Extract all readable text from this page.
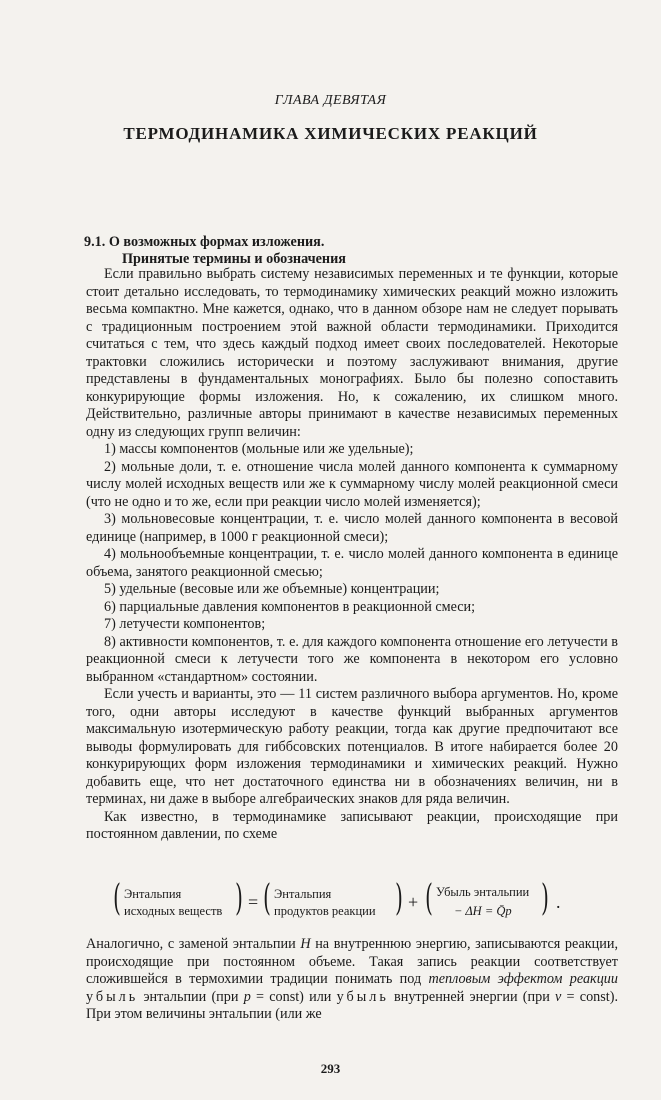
ГЛАВА ДЕВЯТАЯ
ТЕРМОДИНАМИКА ХИМИЧЕСКИХ РЕАКЦИЙ
9.1. О возможных формах изложения.
Принятые термины и обозначения

Если правильно выбрать систему независимых переменных и те функции, которые стоит детально исследовать, то термодинамику химических реакций можно изложить весьма компактно. Мне кажется, однако, что в данном обзоре нам не следует порывать с традиционным построением этой важной области термодинамики. Приходится считаться с тем, что здесь каждый подход имеет своих последователей. Некоторые трактовки сложились исторически и поэтому заслуживают внимания, другие представлены в фундаментальных монографиях. Было бы полезно сопоставить конкурирующие формы изложения. Но, к сожалению, их слишком много. Действительно, различные авторы принимают в качестве независимых переменных одну из следующих групп величин:

1) массы компонентов (мольные или же удельные);

2) мольные доли, т. е. отношение числа молей данного компонента к суммарному числу молей исходных веществ или же к суммарному числу молей реакционной смеси (что не одно и то же, если при реакции число молей изменяется);

3) мольновесовые концентрации, т. е. число молей данного компонента в весовой единице (например, в 1000 г реакционной смеси);

4) мольнообъемные концентрации, т. е. число молей данного компонента в единице объема, занятого реакционной смесью;

5) удельные (весовые или же объемные) концентрации;

6) парциальные давления компонентов в реакционной смеси;

7) летучести компонентов;

8) активности компонентов, т. е. для каждого компонента отношение его летучести в реакционной смеси к летучести того же компонента в некотором его условно выбранном «стандартном» состоянии.

Если учесть и варианты, это — 11 систем различного выбора аргументов. Но, кроме того, одни авторы исследуют в качестве функций выбранных аргументов максимальную изотермическую работу реакции, тогда как другие предпочитают все выводы формулировать для гиббсовских потенциалов. В итоге набирается более 20 конкурирующих форм изложения термодинамики и химических реакций. Нужно добавить еще, что нет достаточного единства ни в обозначениях величин, ни в терминах, ни даже в выборе алгебраических знаков для ряда величин.

Как известно, в термодинамике записывают реакции, происходящие при постоянном давлении, по схеме

( Энтальпия
исходных веществ ) = ( Энтальпия
продуктов реакции ) + ( Убыль энтальпии
− ΔH = Q̄p ) .

Аналогично, с заменой энтальпии H на внутреннюю энергию, записываются реакции, происходящие при постоянном объеме. Такая запись реакции соответствует сложившейся в термохимии традиции понимать под тепловым эффектом реакции убыль энтальпии (при p = const) или убыль внутренней энергии (при v = const). При этом величины энтальпии (или же

293
